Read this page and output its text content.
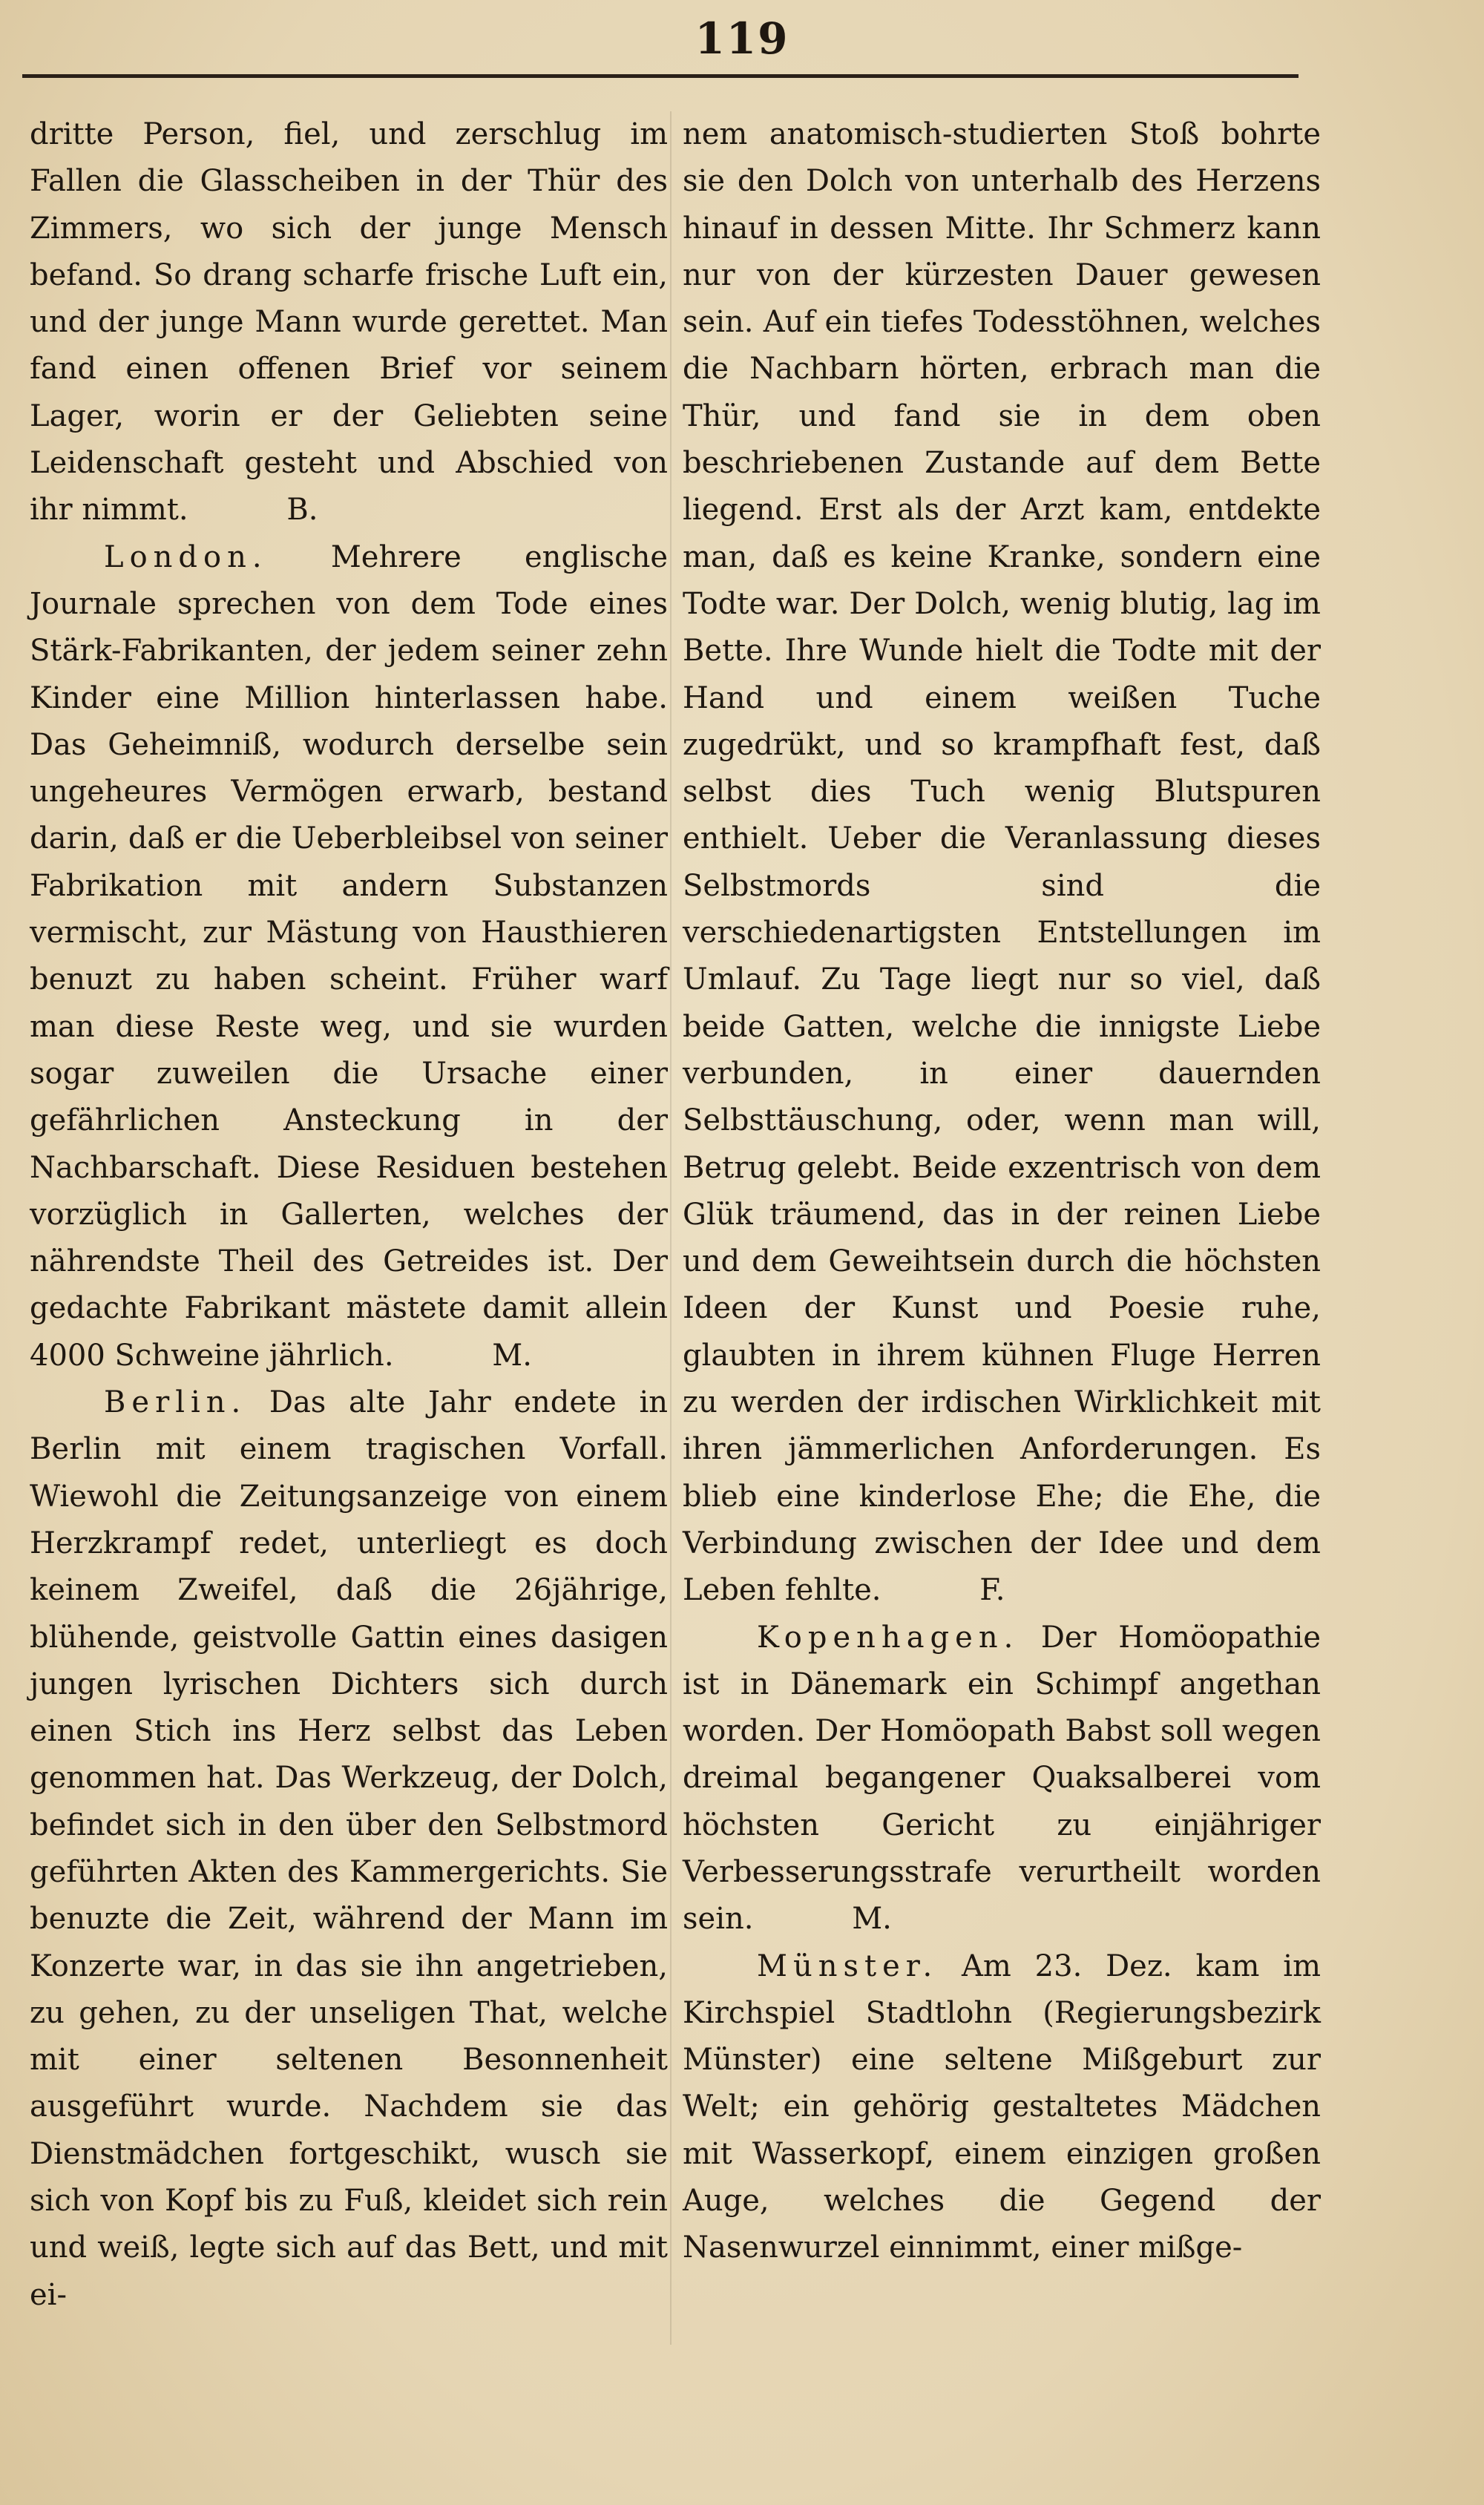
119

dritte Person, fiel, und zerschlug im Fallen die Glasscheiben in der Thür des Zimmers, wo sich der junge Mensch befand. So drang scharfe frische Luft ein, und der junge Mann wurde gerettet. Man fand einen offenen Brief vor seinem Lager, worin er der Geliebten seine Leidenschaft gesteht und Abschied von ihr nimmt.	B.

London. Mehrere englische Journale sprechen von dem Tode eines Stärk-Fabrikanten, der jedem seiner zehn Kinder eine Million hinterlassen habe. Das Geheimniß, wodurch derselbe sein ungeheures Vermögen erwarb, bestand darin, daß er die Ueberbleibsel von seiner Fabrikation mit andern Substanzen vermischt, zur Mästung von Hausthieren benuzt zu haben scheint. Früher warf man diese Reste weg, und sie wurden sogar zuweilen die Ursache einer gefährlichen Ansteckung in der Nachbarschaft. Diese Residuen bestehen vorzüglich in Gallerten, welches der nährendste Theil des Getreides ist. Der gedachte Fabrikant mästete damit allein 4000 Schweine jährlich.	M.

Berlin. Das alte Jahr endete in Berlin mit einem tragischen Vorfall. Wiewohl die Zeitungsanzeige von einem Herzkrampf redet, unterliegt es doch keinem Zweifel, daß die 26jährige, blühende, geistvolle Gattin eines dasigen jungen lyrischen Dichters sich durch einen Stich ins Herz selbst das Leben genommen hat. Das Werkzeug, der Dolch, befindet sich in den über den Selbstmord geführten Akten des Kammergerichts. Sie benuzte die Zeit, während der Mann im Konzerte war, in das sie ihn angetrieben, zu gehen, zu der unseligen That, welche mit einer seltenen Besonnenheit ausgeführt wurde. Nachdem sie das Dienstmädchen fortgeschikt, wusch sie sich von Kopf bis zu Fuß, kleidet sich rein und weiß, legte sich auf das Bett, und mit ei-

nem anatomisch-studierten Stoß bohrte sie den Dolch von unterhalb des Herzens hinauf in dessen Mitte. Ihr Schmerz kann nur von der kürzesten Dauer gewesen sein. Auf ein tiefes Todesstöhnen, welches die Nachbarn hörten, erbrach man die Thür, und fand sie in dem oben beschriebenen Zustande auf dem Bette liegend. Erst als der Arzt kam, entdekte man, daß es keine Kranke, sondern eine Todte war. Der Dolch, wenig blutig, lag im Bette. Ihre Wunde hielt die Todte mit der Hand und einem weißen Tuche zugedrükt, und so krampfhaft fest, daß selbst dies Tuch wenig Blutspuren enthielt. Ueber die Veranlassung dieses Selbstmords sind die verschiedenartigsten Entstellungen im Umlauf. Zu Tage liegt nur so viel, daß beide Gatten, welche die innigste Liebe verbunden, in einer dauernden Selbsttäuschung, oder, wenn man will, Betrug gelebt. Beide exzentrisch von dem Glük träumend, das in der reinen Liebe und dem Geweihtsein durch die höchsten Ideen der Kunst und Poesie ruhe, glaubten in ihrem kühnen Fluge Herren zu werden der irdischen Wirklichkeit mit ihren jämmerlichen Anforderungen. Es blieb eine kinderlose Ehe; die Ehe, die Verbindung zwischen der Idee und dem Leben fehlte.	F.

Kopenhagen. Der Homöopathie ist in Dänemark ein Schimpf angethan worden. Der Homöopath Babst soll wegen dreimal begangener Quaksalberei vom höchsten Gericht zu einjähriger Verbesserungsstrafe verurtheilt worden sein.	M.

Münster. Am 23. Dez. kam im Kirchspiel Stadtlohn (Regierungsbezirk Münster) eine seltene Mißgeburt zur Welt; ein gehörig gestaltetes Mädchen mit Wasserkopf, einem einzigen großen Auge, welches die Gegend der Nasenwurzel einnimmt, einer mißge-
